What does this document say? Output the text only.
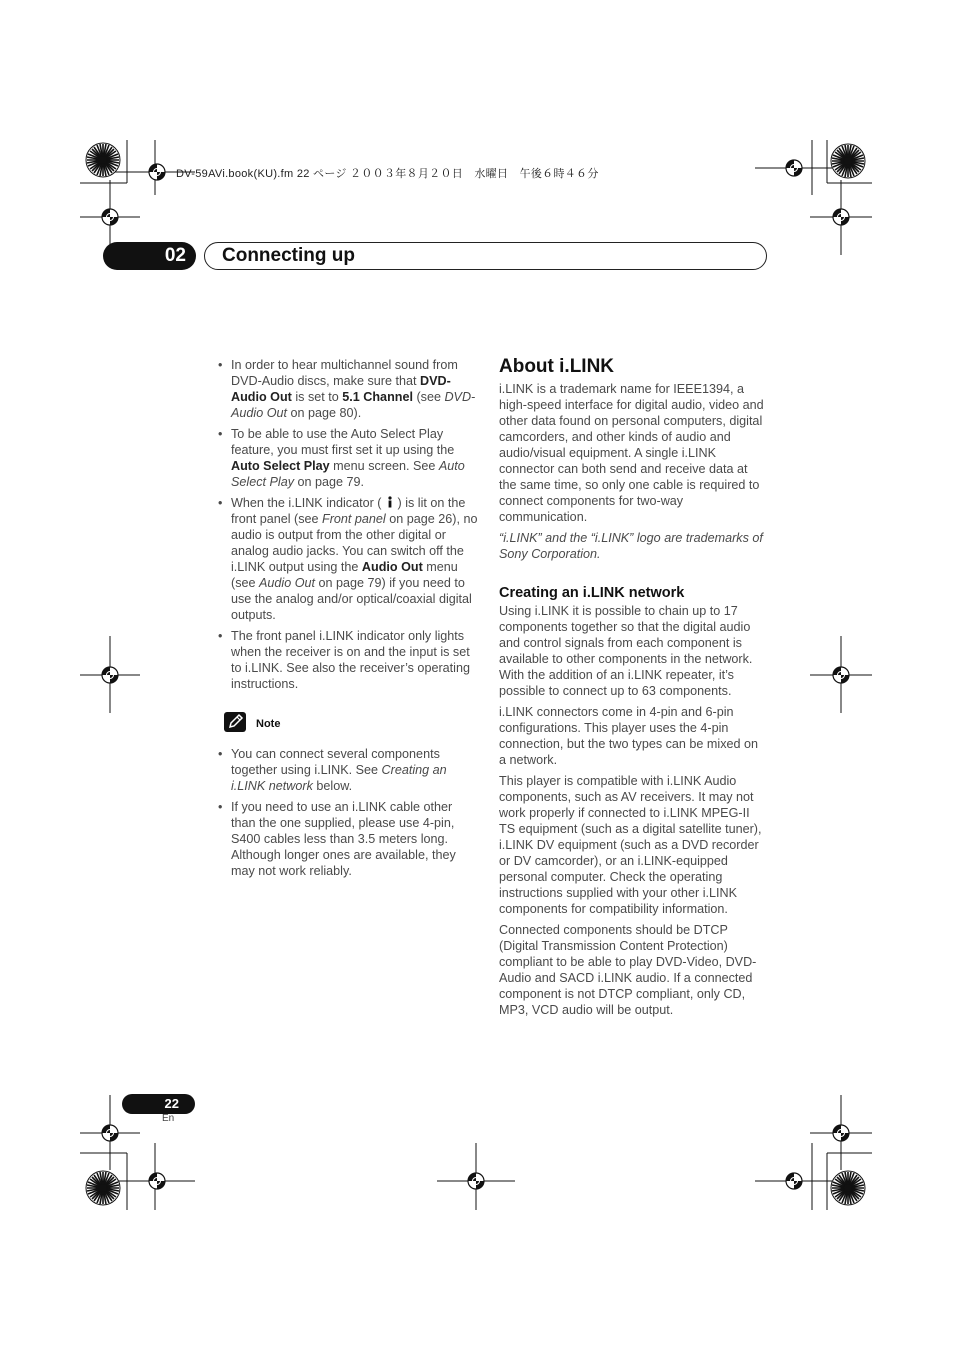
DV-59AVi.book(KU).fm 22 ページ ２００３年８月２０日　水曜日　午後６時４６分
02	Connecting up
• In order to hear multichannel sound from DVD-Audio discs, make sure that DVD-Audio Out is set to 5.1 Channel (see DVD-Audio Out on page 80).
• To be able to use the Auto Select Play feature, you must first set it up using the Auto Select Play menu screen. See Auto Select Play on page 79.
• When the i.LINK indicator ( ) is lit on the front panel (see Front panel on page 26), no audio is output from the other digital or analog audio jacks. You can switch off the i.LINK output using the Audio Out menu (see Audio Out on page 79) if you need to use the analog and/or optical/coaxial digital outputs.
• The front panel i.LINK indicator only lights when the receiver is on and the input is set to i.LINK. See also the receiver’s operating instructions.
Note
• You can connect several components together using i.LINK. See Creating an i.LINK network below.
• If you need to use an i.LINK cable other than the one supplied, please use 4-pin, S400 cables less than 3.5 meters long. Although longer ones are available, they may not work reliably.
About i.LINK

i.LINK is a trademark name for IEEE1394, a high-speed interface for digital audio, video and other data found on personal computers, digital camcorders, and other kinds of audio and audio/visual equipment. A single i.LINK connector can both send and receive data at the same time, so only one cable is required to connect components for two-way communication.

“i.LINK” and the “i.LINK” logo are trademarks of Sony Corporation.

Creating an i.LINK network

Using i.LINK it is possible to chain up to 17 components together so that the digital audio and control signals from each component is available to other components in the network. With the addition of an i.LINK repeater, it’s possible to connect up to 63 components.

i.LINK connectors come in 4-pin and 6-pin configurations. This player uses the 4-pin connection, but the two types can be mixed on a network.

This player is compatible with i.LINK Audio components, such as AV receivers. It may not work properly if connected to i.LINK MPEG-II TS equipment (such as a digital satellite tuner), i.LINK DV equipment (such as a DVD recorder or DV camcorder), or an i.LINK-equipped personal computer. Check the operating instructions supplied with your other i.LINK components for compatibility information.

Connected components should be DTCP (Digital Transmission Content Protection) compliant to be able to play DVD-Video, DVD-Audio and SACD i.LINK audio. If a connected component is not DTCP compliant, only CD, MP3, VCD audio will be output.

22
En
